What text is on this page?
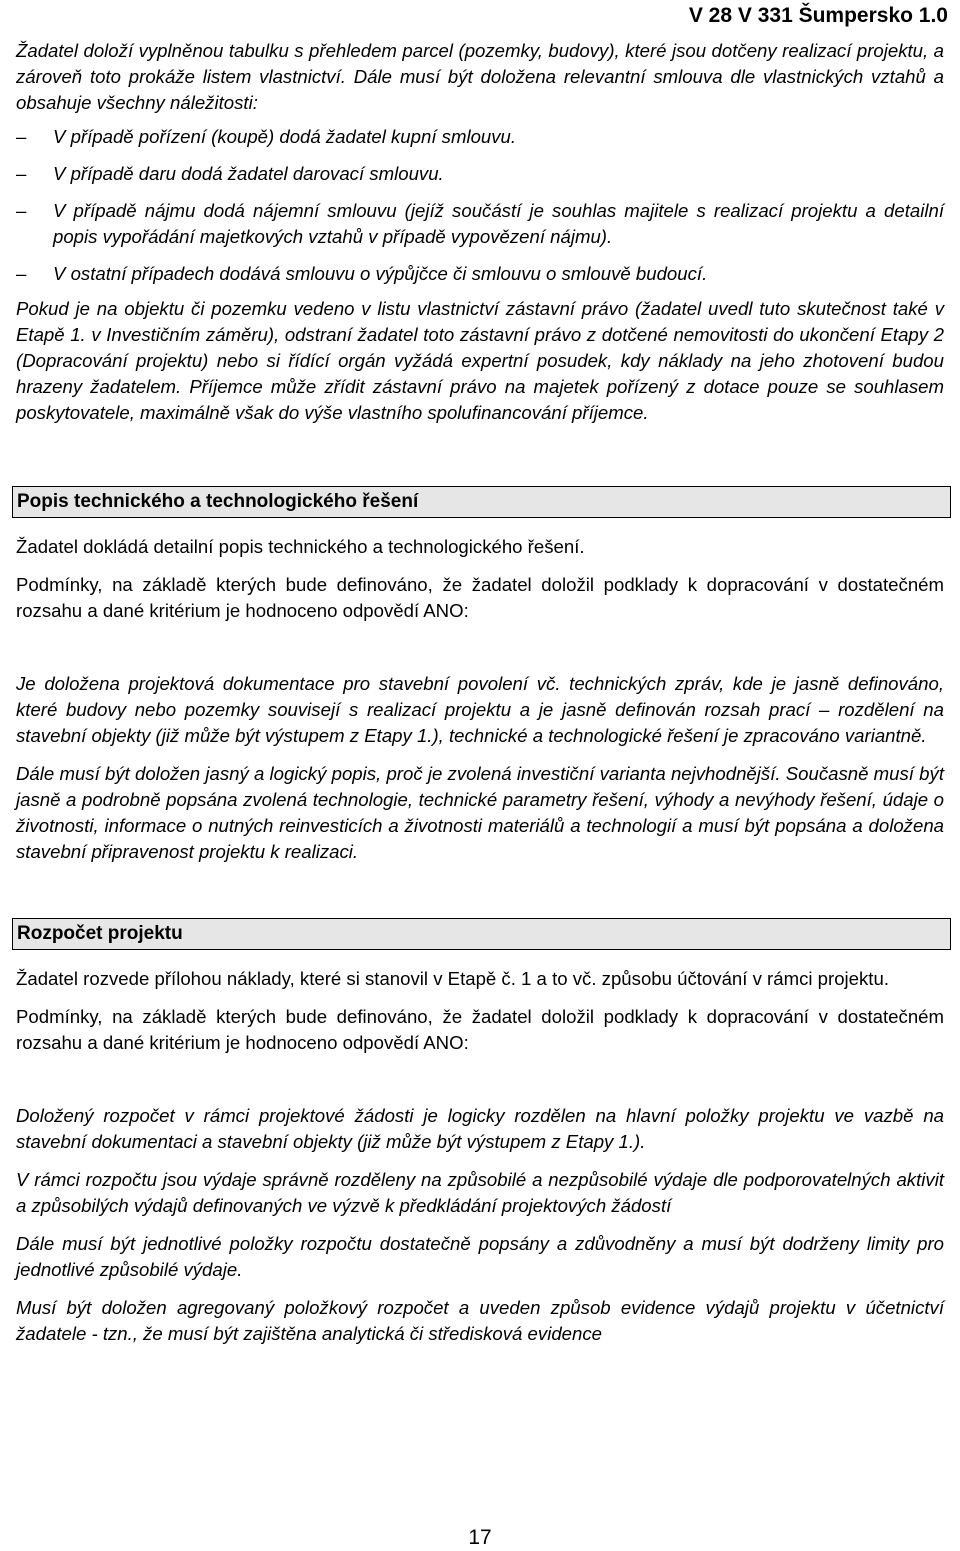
V 28 V 331 Šumpersko 1.0

Žadatel doloží vyplněnou tabulku s přehledem parcel (pozemky, budovy), které jsou dotčeny realizací projektu, a zároveň toto prokáže listem vlastnictví. Dále musí být doložena relevantní smlouva dle vlastnických vztahů a obsahuje všechny náležitosti:

–	V případě pořízení (koupě) dodá žadatel kupní smlouvu.
–	V případě daru dodá žadatel darovací smlouvu.
–	V případě nájmu dodá nájemní smlouvu (jejíž součástí je souhlas majitele s realizací projektu a detailní popis vypořádání majetkových vztahů v případě vypovězení nájmu).
–	V ostatní případech dodává smlouvu o výpůjčce či smlouvu o smlouvě budoucí.

Pokud je na objektu či pozemku vedeno v listu vlastnictví zástavní právo (žadatel uvedl tuto skutečnost také v Etapě 1. v Investičním záměru), odstraní žadatel toto zástavní právo z dotčené nemovitosti do ukončení Etapy 2 (Dopracování projektu) nebo si řídící orgán vyžádá expertní posudek, kdy náklady na jeho zhotovení budou hrazeny žadatelem. Příjemce může zřídit zástavní právo na majetek pořízený z dotace pouze se souhlasem poskytovatele, maximálně však do výše vlastního spolufinancování příjemce.

Popis technického a technologického řešení

Žadatel dokládá detailní popis technického a technologického řešení.

Podmínky, na základě kterých bude definováno, že žadatel doložil podklady k dopracování v dostatečném rozsahu a dané kritérium je hodnoceno odpovědí ANO:

Je doložena projektová dokumentace pro stavební povolení vč. technických zpráv, kde je jasně definováno, které budovy nebo pozemky souvisejí s realizací projektu a je jasně definován rozsah prací – rozdělení na stavební objekty (již může být výstupem z Etapy 1.), technické a technologické řešení je zpracováno variantně.

Dále musí být doložen jasný a logický popis, proč je zvolená investiční varianta nejvhodnější. Současně musí být jasně a podrobně popsána zvolená technologie, technické parametry řešení, výhody a nevýhody řešení, údaje o životnosti, informace o nutných reinvesticích a životnosti materiálů a technologií a musí být popsána a doložena stavební připravenost projektu k realizaci.

Rozpočet projektu

Žadatel rozvede přílohou náklady, které si stanovil v Etapě č. 1 a to vč. způsobu účtování v rámci projektu.

Podmínky, na základě kterých bude definováno, že žadatel doložil podklady k dopracování v dostatečném rozsahu a dané kritérium je hodnoceno odpovědí ANO:

Doložený rozpočet v rámci projektové žádosti je logicky rozdělen na hlavní položky projektu ve vazbě na stavební dokumentaci a stavební objekty (již může být výstupem z Etapy 1.).

V rámci rozpočtu jsou výdaje správně rozděleny na způsobilé a nezpůsobilé výdaje dle podporovatelných aktivit a způsobilých výdajů definovaných ve výzvě k předkládání projektových žádostí

Dále musí být jednotlivé položky rozpočtu dostatečně popsány a zdůvodněny a musí být dodrženy limity pro jednotlivé způsobilé výdaje.

Musí být doložen agregovaný položkový rozpočet a uveden způsob evidence výdajů projektu v účetnictví žadatele - tzn., že musí být zajištěna analytická či středisková evidence

17
